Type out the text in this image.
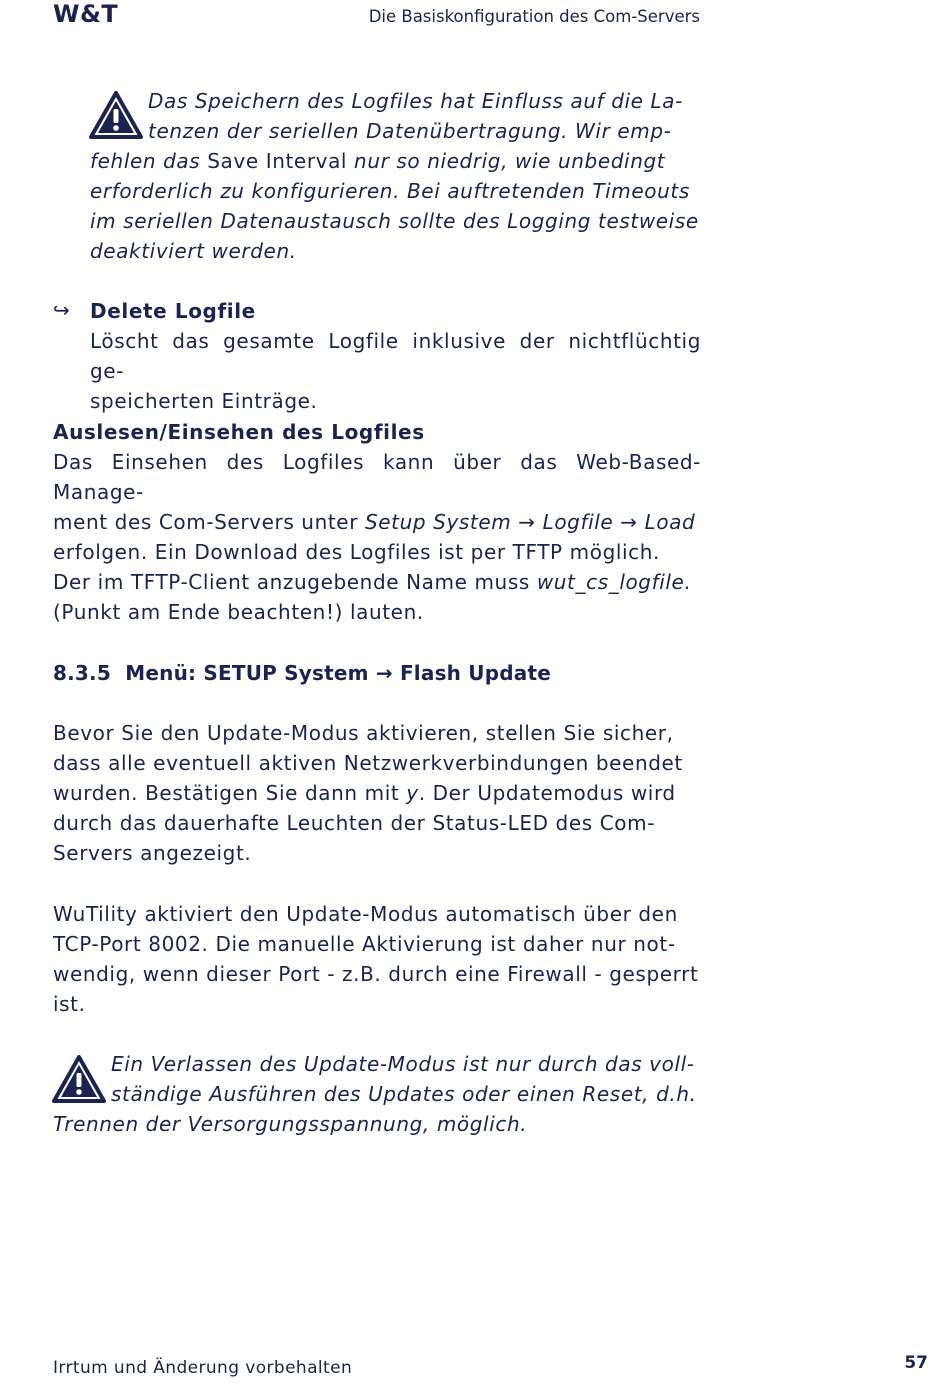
W&T	Die Basiskonfiguration des Com-Servers
Das Speichern des Logfiles hat Einfluss auf die La-
tenzen der seriellen Datenübertragung. Wir emp-
fehlen das Save Interval nur so niedrig, wie unbedingt
erforderlich zu konfigurieren. Bei auftretenden Timeouts
im seriellen Datenaustausch sollte des Logging testweise
deaktiviert werden.
↪ Delete Logfile
Löscht das gesamte Logfile inklusive der nichtflüchtig ge-
speicherten Einträge.
Auslesen/Einsehen des Logfiles
Das Einsehen des Logfiles kann über das Web-Based-Manage-
ment des Com-Servers unter Setup System → Logfile → Load
erfolgen. Ein Download des Logfiles ist per TFTP möglich.
Der im TFTP-Client anzugebende Name muss wut_cs_logfile.
(Punkt am Ende beachten!) lauten.
8.3.5 Menü: SETUP System → Flash Update
Bevor Sie den Update-Modus aktivieren, stellen Sie sicher,
dass alle eventuell aktiven Netzwerkverbindungen beendet
wurden. Bestätigen Sie dann mit y. Der Updatemodus wird
durch das dauerhafte Leuchten der Status-LED des Com-
Servers angezeigt.
WuTility aktiviert den Update-Modus automatisch über den
TCP-Port 8002. Die manuelle Aktivierung ist daher nur not-
wendig, wenn dieser Port - z.B. durch eine Firewall - gesperrt
ist.
Ein Verlassen des Update-Modus ist nur durch das voll-
ständige Ausführen des Updates oder einen Reset, d.h.
Trennen der Versorgungsspannung, möglich.
Irrtum und Änderung vorbehalten	57
